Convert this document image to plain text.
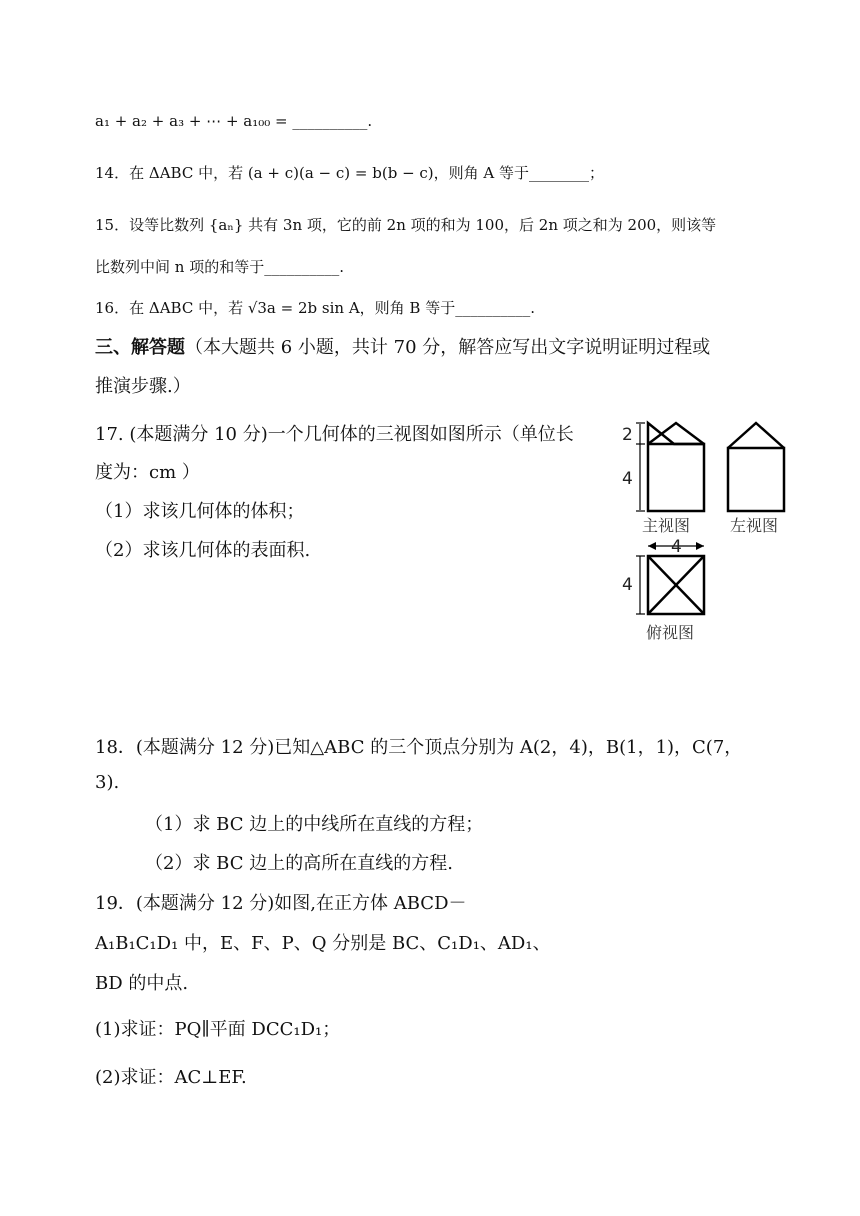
a₁ + a₂ + a₃ + ⋯ + a₁₀₀ = __________.
14．在 ΔABC 中，若 (a + c)(a − c) = b(b − c)，则角 A 等于________；
15．设等比数列 {aₙ} 共有 3n 项，它的前 2n 项的和为 100，后 2n 项之和为 200，则该等
比数列中间 n 项的和等于__________.
16．在 ΔABC 中，若 √3a = 2b sin A，则角 B 等于__________.
三、解答题（本大题共 6 小题，共计 70 分，解答应写出文字说明证明过程或
推演步骤.）
17. (本题满分 10 分)一个几何体的三视图如图所示（单位长
度为：cm ）
（1）求该几何体的体积；
（2）求该几何体的表面积.
2
4
主视图 左视图
4
4
俯视图
18．(本题满分 12 分)已知△ABC 的三个顶点分别为 A(2，4)，B(1，1)，C(7，
3).
（1）求 BC 边上的中线所在直线的方程；
（2）求 BC 边上的高所在直线的方程.
19．(本题满分 12 分)如图,在正方体 ABCD－
A₁B₁C₁D₁ 中，E、F、P、Q 分别是 BC、C₁D₁、AD₁、
BD 的中点.
(1)求证：PQ∥平面 DCC₁D₁；
(2)求证：AC⊥EF.
